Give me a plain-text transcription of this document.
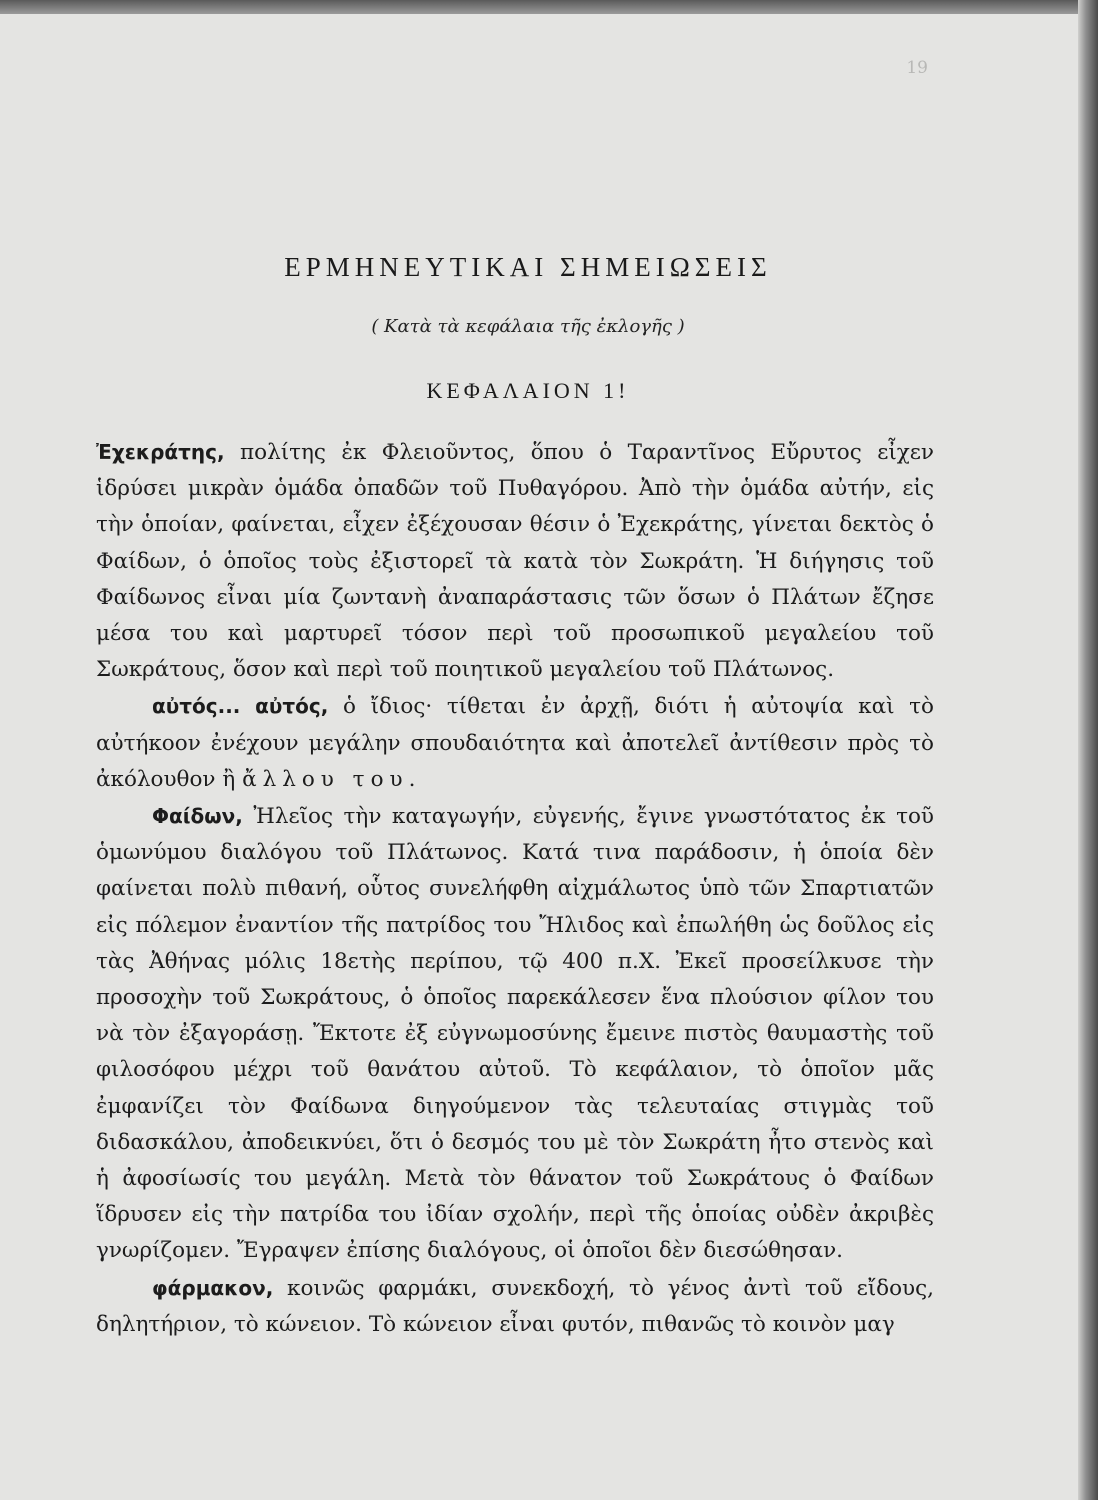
19
ΕΡΜΗΝΕΥΤΙΚΑΙ ΣΗΜΕΙΩΣΕΙΣ
( Κατὰ τὰ κεφάλαια τῆς ἐκλογῆς )
ΚΕΦΑΛΑΙΟΝ 1!

Ἐχεκράτης, πολίτης ἐκ Φλειοῦντος, ὅπου ὁ Ταραντῖνος Εὔρυτος εἶχεν ἱδρύσει μικρὰν ὁμάδα ὀπαδῶν τοῦ Πυθαγόρου. Ἀπὸ τὴν ὁμάδα αὐτήν, εἰς τὴν ὁποίαν, φαίνεται, εἶχεν ἐξέχουσαν θέσιν ὁ Ἐχεκράτης, γίνεται δεκτὸς ὁ Φαίδων, ὁ ὁποῖος τοὺς ἐξιστορεῖ τὰ κατὰ τὸν Σωκράτη. Ἡ διήγησις τοῦ Φαίδωνος εἶναι μία ζωντανὴ ἀναπαράστασις τῶν ὅσων ὁ Πλάτων ἔζησε μέσα του καὶ μαρτυρεῖ τόσον περὶ τοῦ προσωπικοῦ μεγαλείου τοῦ Σωκράτους, ὅσον καὶ περὶ τοῦ ποιητικοῦ μεγαλείου τοῦ Πλάτωνος.

αὐτός... αὐτός, ὁ ἴδιος· τίθεται ἐν ἀρχῇ, διότι ἡ αὐτοψία καὶ τὸ αὐτήκοον ἐνέχουν μεγάλην σπουδαιότητα καὶ ἀποτελεῖ ἀντίθεσιν πρὸς τὸ ἀκόλουθον ἢ ἄλλου του.

Φαίδων, Ἠλεῖος τὴν καταγωγήν, εὐγενής, ἔγινε γνωστότατος ἐκ τοῦ ὁμωνύμου διαλόγου τοῦ Πλάτωνος. Κατά τινα παράδοσιν, ἡ ὁποία δὲν φαίνεται πολὺ πιθανή, οὗτος συνελήφθη αἰχμάλωτος ὑπὸ τῶν Σπαρτιατῶν εἰς πόλεμον ἐναντίον τῆς πατρίδος του Ἤλιδος καὶ ἐπωλήθη ὡς δοῦλος εἰς τὰς Ἀθήνας μόλις 18ετὴς περίπου, τῷ 400 π.Χ. Ἐκεῖ προσείλκυσε τὴν προσοχὴν τοῦ Σωκράτους, ὁ ὁποῖος παρεκάλεσεν ἕνα πλούσιον φίλον του νὰ τὸν ἐξαγοράσῃ. Ἔκτοτε ἐξ εὐγνωμοσύνης ἔμεινε πιστὸς θαυμαστὴς τοῦ φιλοσόφου μέχρι τοῦ θανάτου αὐτοῦ. Τὸ κεφάλαιον, τὸ ὁποῖον μᾶς ἐμφανίζει τὸν Φαίδωνα διηγούμενον τὰς τελευταίας στιγμὰς τοῦ διδασκάλου, ἀποδεικνύει, ὅτι ὁ δεσμός του μὲ τὸν Σωκράτη ἦτο στενὸς καὶ ἡ ἀφοσίωσίς του μεγάλη. Μετὰ τὸν θάνατον τοῦ Σωκράτους ὁ Φαίδων ἵδρυσεν εἰς τὴν πατρίδα του ἰδίαν σχολήν, περὶ τῆς ὁποίας οὐδὲν ἀκριβὲς γνωρίζομεν. Ἔγραψεν ἐπίσης διαλόγους, οἱ ὁποῖοι δὲν διεσώθησαν.

φάρμακον, κοινῶς φαρμάκι, συνεκδοχή, τὸ γένος ἀντὶ τοῦ εἴδους, δηλητήριον, τὸ κώνειον. Τὸ κώνειον εἶναι φυτόν, πιθανῶς τὸ κοινὸν μαγ
